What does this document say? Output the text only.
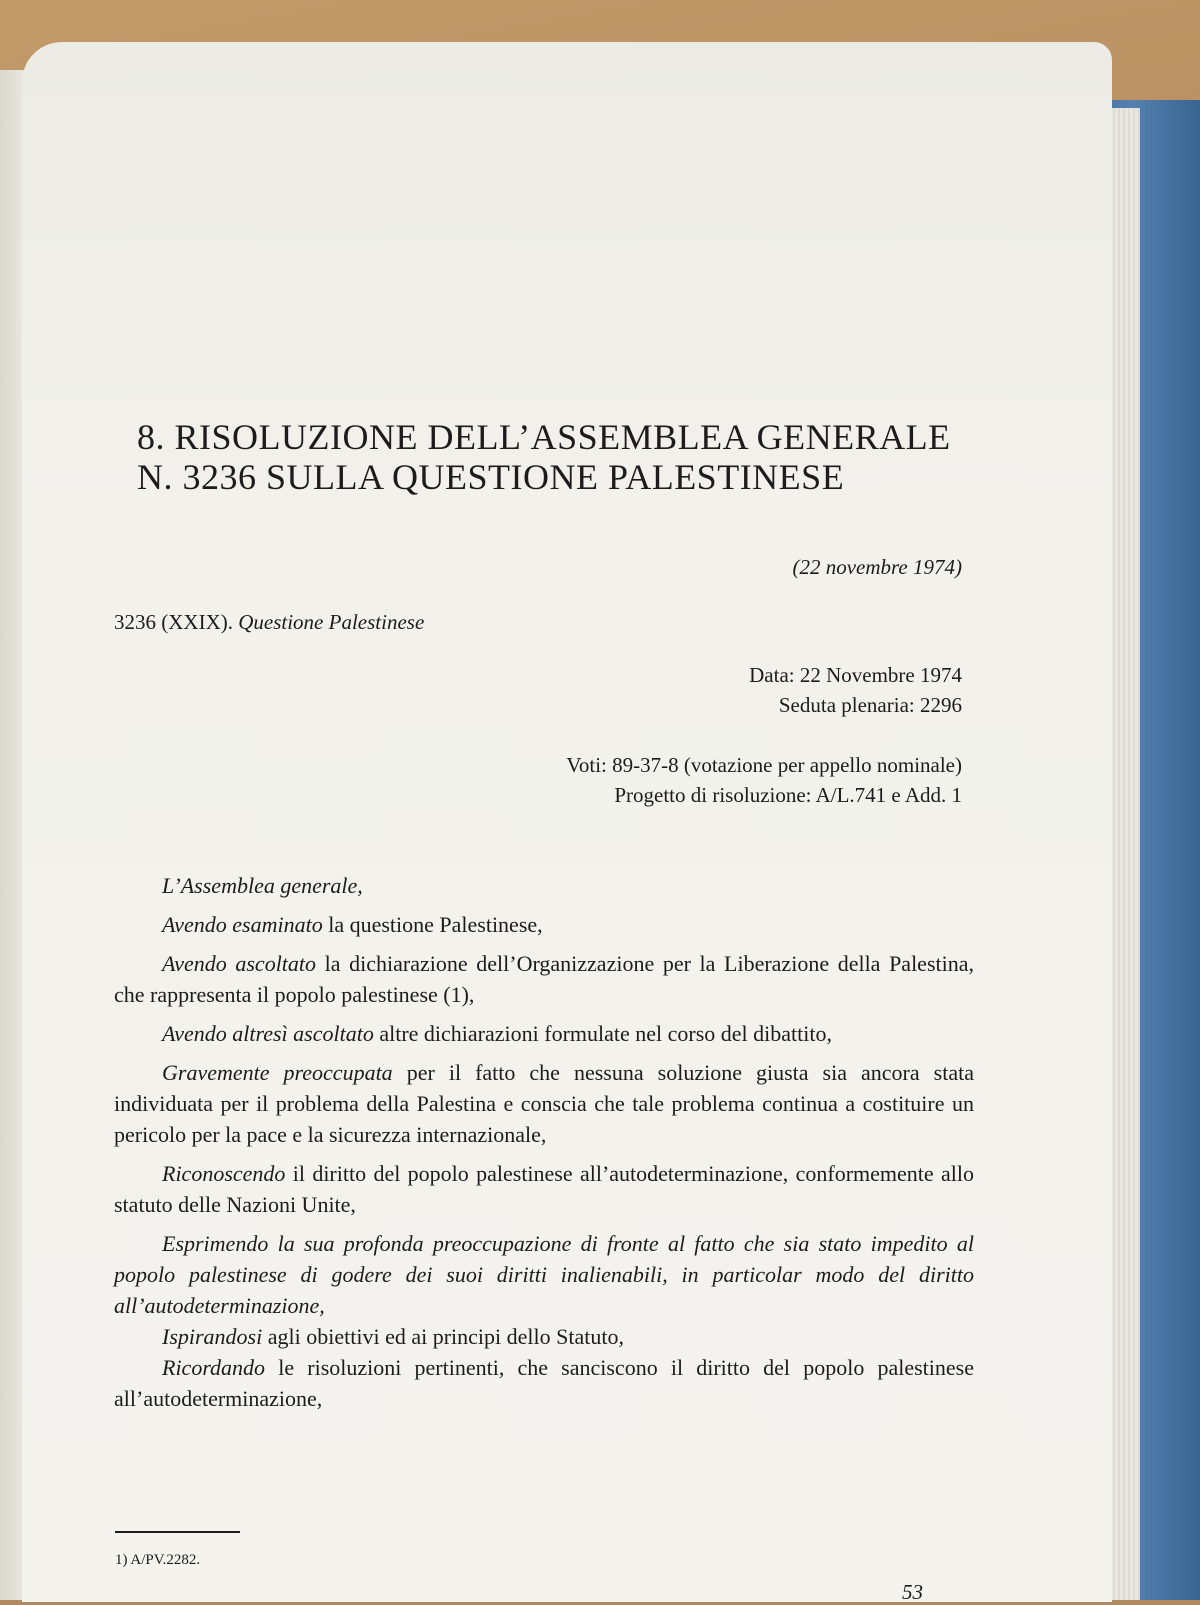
8. RISOLUZIONE DELL’ASSEMBLEA GENERALE
N. 3236 SULLA QUESTIONE PALESTINESE
(22 novembre 1974)
3236 (XXIX). Questione Palestinese
Data: 22 Novembre 1974
Seduta plenaria: 2296
Voti: 89-37-8 (votazione per appello nominale)
Progetto di risoluzione: A/L.741 e Add. 1

L’Assemblea generale,

Avendo esaminato la questione Palestinese,

Avendo ascoltato la dichiarazione dell’Organizzazione per la Liberazione della Palestina, che rappresenta il popolo palestinese (1),

Avendo altresì ascoltato altre dichiarazioni formulate nel corso del dibattito,

Gravemente preoccupata per il fatto che nessuna soluzione giusta sia ancora stata individuata per il problema della Palestina e conscia che tale problema continua a costituire un pericolo per la pace e la sicurezza internazionale,

Riconoscendo il diritto del popolo palestinese all’autodeterminazione, conformemente allo statuto delle Nazioni Unite,

Esprimendo la sua profonda preoccupazione di fronte al fatto che sia stato impedito al popolo palestinese di godere dei suoi diritti inalienabili, in particolar modo del diritto all’autodeterminazione,

Ispirandosi agli obiettivi ed ai principi dello Statuto,

Ricordando le risoluzioni pertinenti, che sanciscono il diritto del popolo palestinese all’autodeterminazione,

1) A/PV.2282.
53
